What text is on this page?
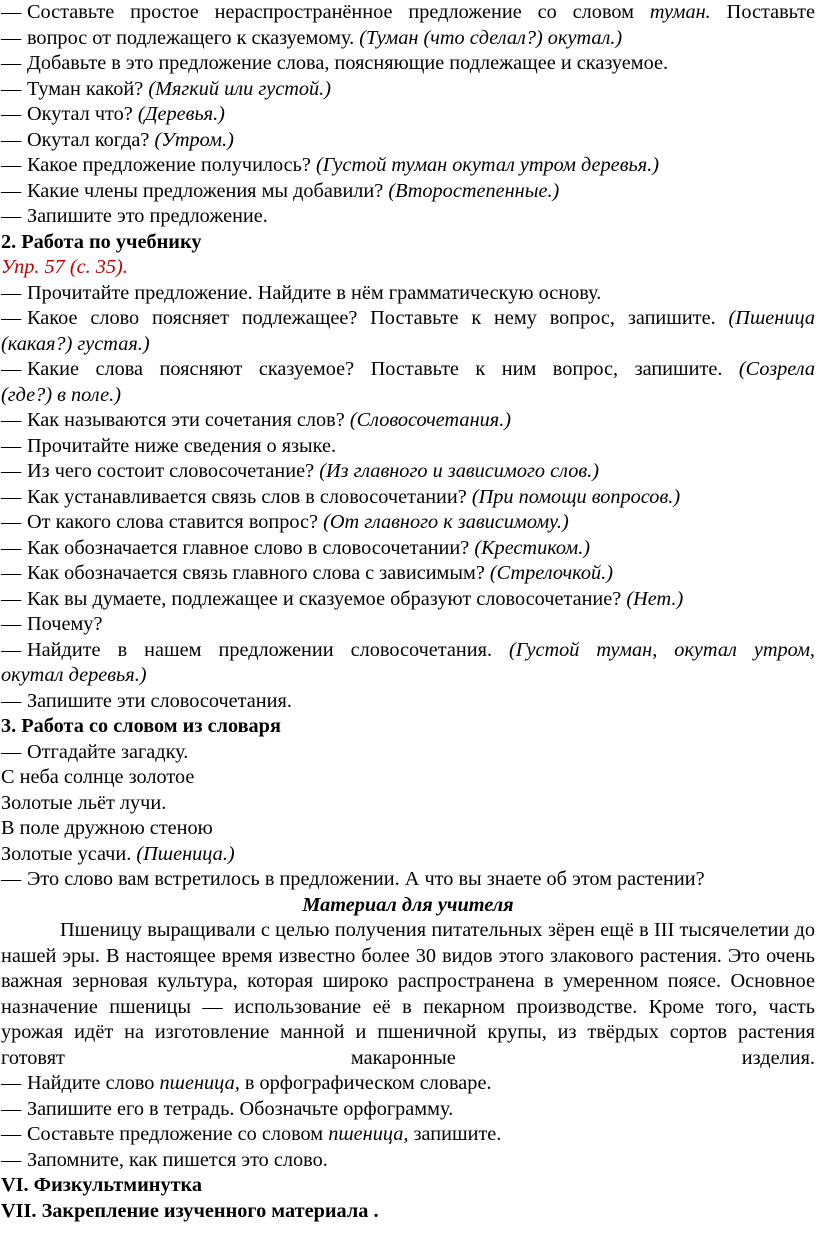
— Составьте простое нераспространённое предложение со словом туман. Поставьте
— вопрос от подлежащего к сказуемому. (Туман (что сделал?) окутал.)
— Добавьте в это предложение слова, поясняющие подлежащее и сказуемое.
— Туман какой? (Мягкий или густой.)
— Окутал что? (Деревья.)
— Окутал когда? (Утром.)
— Какое предложение получилось? (Густой туман окутал утром деревья.)
— Какие члены предложения мы добавили? (Второстепенные.)
— Запишите это предложение.
2. Работа по учебнику
Упр. 57 (с. 35).
— Прочитайте предложение. Найдите в нём грамматическую основу.
— Какое слово поясняет подлежащее? Поставьте к нему вопрос, запишите. (Пшеница
(какая?) густая.)
— Какие слова поясняют сказуемое? Поставьте к ним вопрос, запишите. (Созрела
(где?) в поле.)
— Как называются эти сочетания слов? (Словосочетания.)
— Прочитайте ниже сведения о языке.
— Из чего состоит словосочетание? (Из главного и зависимого слов.)
— Как устанавливается связь слов в словосочетании? (При помощи вопросов.)
— От какого слова ставится вопрос? (От главного к зависимому.)
— Как обозначается главное слово в словосочетании? (Крестиком.)
— Как обозначается связь главного слова с зависимым? (Стрелочкой.)
— Как вы думаете, подлежащее и сказуемое образуют словосочетание? (Нет.)
— Почему?
— Найдите в нашем предложении словосочетания. (Густой туман, окутал утром,
окутал деревья.)
— Запишите эти словосочетания.
3. Работа со словом из словаря
— Отгадайте загадку.
С неба солнце золотое
Золотые льёт лучи.
В поле дружною стеною
Золотые усачи. (Пшеница.)
— Это слово вам встретилось в предложении. А что вы знаете об этом растении?
Материал для учителя
Пшеницу выращивали с целью получения питательных зёрен ещё в III тысячелетии до нашей эры. В настоящее время известно более 30 видов этого злакового растения. Это очень важная зерновая культура, которая широко распространена в умеренном поясе. Основное назначение пшеницы — использование её в пекарном производстве. Кроме того, часть урожая идёт на изготовление манной и пшеничной крупы, из твёрдых сортов растения готовят макаронные изделия.
— Найдите слово пшеница, в орфографическом словаре.
— Запишите его в тетрадь. Обозначьте орфограмму.
— Составьте предложение со словом пшеница, запишите.
— Запомните, как пишется это слово.
VI. Физкультминутка
VII. Закрепление изученного материала .
